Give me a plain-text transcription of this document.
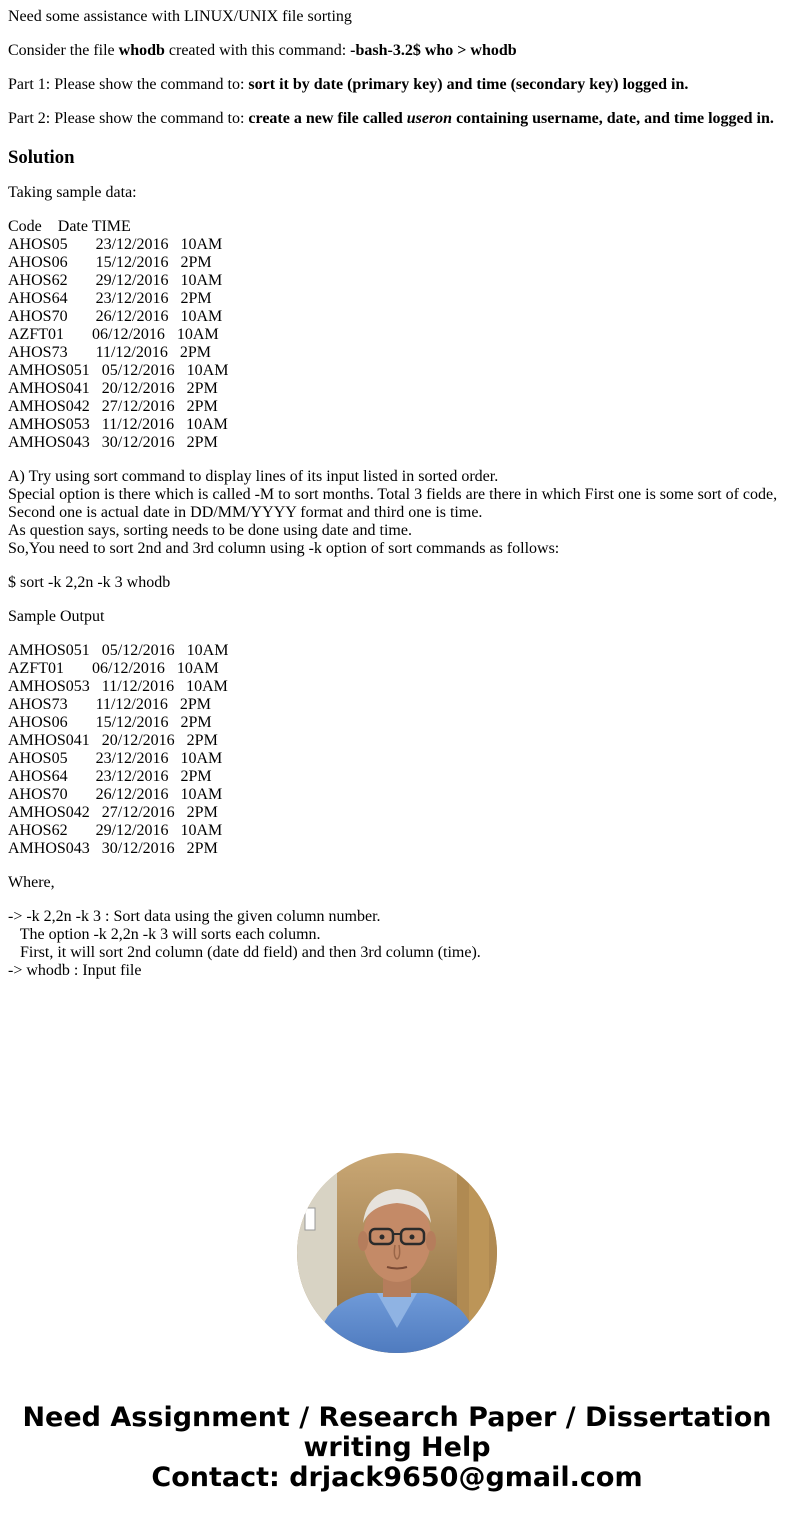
Need some assistance with LINUX/UNIX file sorting

Consider the file whodb created with this command: -bash-3.2$ who > whodb

Part 1: Please show the command to: sort it by date (primary key) and time (secondary key) logged in.

Part 2: Please show the command to: create a new file called useron containing username, date, and time logged in.

Solution

Taking sample data:

Code    Date TIME
AHOS05       23/12/2016   10AM
AHOS06       15/12/2016   2PM
AHOS62       29/12/2016   10AM
AHOS64       23/12/2016   2PM
AHOS70       26/12/2016   10AM
AZFT01       06/12/2016   10AM
AHOS73       11/12/2016   2PM
AMHOS051   05/12/2016   10AM
AMHOS041   20/12/2016   2PM
AMHOS042   27/12/2016   2PM
AMHOS053   11/12/2016   10AM
AMHOS043   30/12/2016   2PM
A) Try using sort command to display lines of its input listed in sorted order.
Special option is there which is called -M to sort months. Total 3 fields are there in which First one is some sort of code,
Second one is actual date in DD/MM/YYYY format and third one is time.
As question says, sorting needs to be done using date and time.
So,You need to sort 2nd and 3rd column using -k option of sort commands as follows:

$ sort -k 2,2n -k 3 whodb

Sample Output

AMHOS051   05/12/2016   10AM
AZFT01       06/12/2016   10AM
AMHOS053   11/12/2016   10AM
AHOS73       11/12/2016   2PM
AHOS06       15/12/2016   2PM
AMHOS041   20/12/2016   2PM
AHOS05       23/12/2016   10AM
AHOS64       23/12/2016   2PM
AHOS70       26/12/2016   10AM
AMHOS042   27/12/2016   2PM
AHOS62       29/12/2016   10AM
AMHOS043   30/12/2016   2PM

Where,

-> -k 2,2n -k 3 : Sort data using the given column number.
The option -k 2,2n -k 3 will sorts each column.
First, it will sort 2nd column (date dd field) and then 3rd column (time).
-> whodb : Input file
Need Assignment / Research Paper / Dissertation
writing Help
Contact: drjack9650@gmail.com
